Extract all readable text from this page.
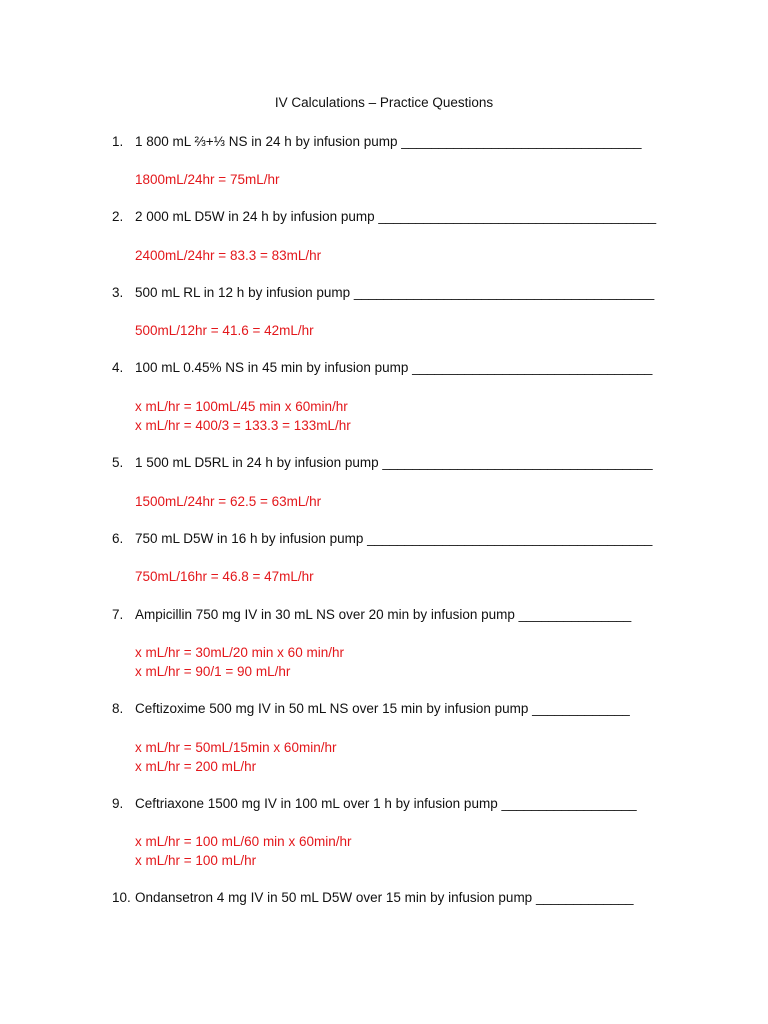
IV Calculations – Practice Questions
1. 1 800 mL ⅔+⅓ NS in 24 h by infusion pump ________________________________
1800mL/24hr = 75mL/hr
2. 2 000 mL D5W in 24 h by infusion pump _____________________________________
2400mL/24hr = 83.3 = 83mL/hr
3. 500 mL RL in 12 h by infusion pump ________________________________________
500mL/12hr = 41.6 = 42mL/hr
4. 100 mL 0.45% NS in 45 min by infusion pump ________________________________
x mL/hr = 100mL/45 min x 60min/hr
x mL/hr = 400/3 = 133.3 = 133mL/hr
5. 1 500 mL D5RL in 24 h by infusion pump ____________________________________
1500mL/24hr = 62.5 = 63mL/hr
6. 750 mL D5W in 16 h by infusion pump ______________________________________
750mL/16hr = 46.8 = 47mL/hr
7. Ampicillin 750 mg IV in 30 mL NS over 20 min by infusion pump _______________
x mL/hr = 30mL/20 min x 60 min/hr
x mL/hr = 90/1 = 90 mL/hr
8. Ceftizoxime 500 mg IV in 50 mL NS over 15 min by infusion pump _____________
x mL/hr = 50mL/15min x 60min/hr
x mL/hr = 200 mL/hr
9. Ceftriaxone 1500 mg IV in 100 mL over 1 h by infusion pump __________________
x mL/hr = 100 mL/60 min x 60min/hr
x mL/hr = 100 mL/hr
10. Ondansetron 4 mg IV in 50 mL D5W over 15 min by infusion pump _____________
